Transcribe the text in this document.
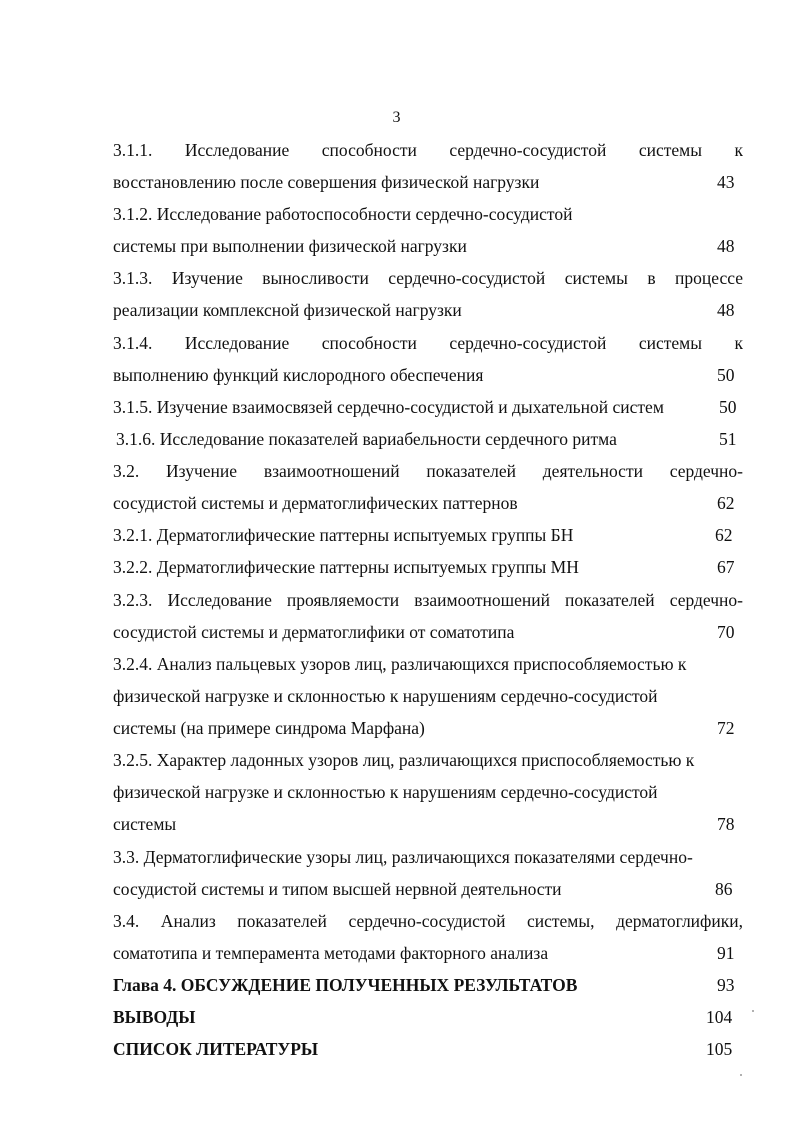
3
3.1.1. Исследование способности сердечно-сосудистой системы к
восстановлению после совершения физической нагрузки	43
3.1.2. Исследование работоспособности сердечно-сосудистой
системы при выполнении физической нагрузки	48
3.1.3. Изучение выносливости сердечно-сосудистой системы в процессе
реализации комплексной физической нагрузки	48
3.1.4. Исследование способности сердечно-сосудистой системы к
выполнению функций кислородного обеспечения	50
3.1.5. Изучение взаимосвязей сердечно-сосудистой и дыхательной систем	50
3.1.6. Исследование показателей вариабельности сердечного ритма	51
3.2. Изучение взаимоотношений показателей деятельности сердечно-
сосудистой системы и дерматоглифических паттернов	62
3.2.1. Дерматоглифические паттерны испытуемых группы БН	62
3.2.2. Дерматоглифические паттерны испытуемых группы МН	67
3.2.3. Исследование проявляемости взаимоотношений показателей сердечно-
сосудистой системы и дерматоглифики от соматотипа	70
3.2.4. Анализ пальцевых узоров лиц, различающихся приспособляемостью к
физической нагрузке и склонностью к нарушениям сердечно-сосудистой
системы (на примере синдрома Марфана)	72
3.2.5. Характер ладонных узоров лиц, различающихся приспособляемостью к
физической нагрузке и склонностью к нарушениям сердечно-сосудистой
системы	78
3.3. Дерматоглифические узоры лиц, различающихся показателями сердечно-
сосудистой системы и типом высшей нервной деятельности	86
3.4. Анализ показателей сердечно-сосудистой системы, дерматоглифики,
соматотипа и темперамента методами факторного анализа	91
Глава 4. ОБСУЖДЕНИЕ ПОЛУЧЕННЫХ РЕЗУЛЬТАТОВ	93
ВЫВОДЫ	104
СПИСОК ЛИТЕРАТУРЫ	105
